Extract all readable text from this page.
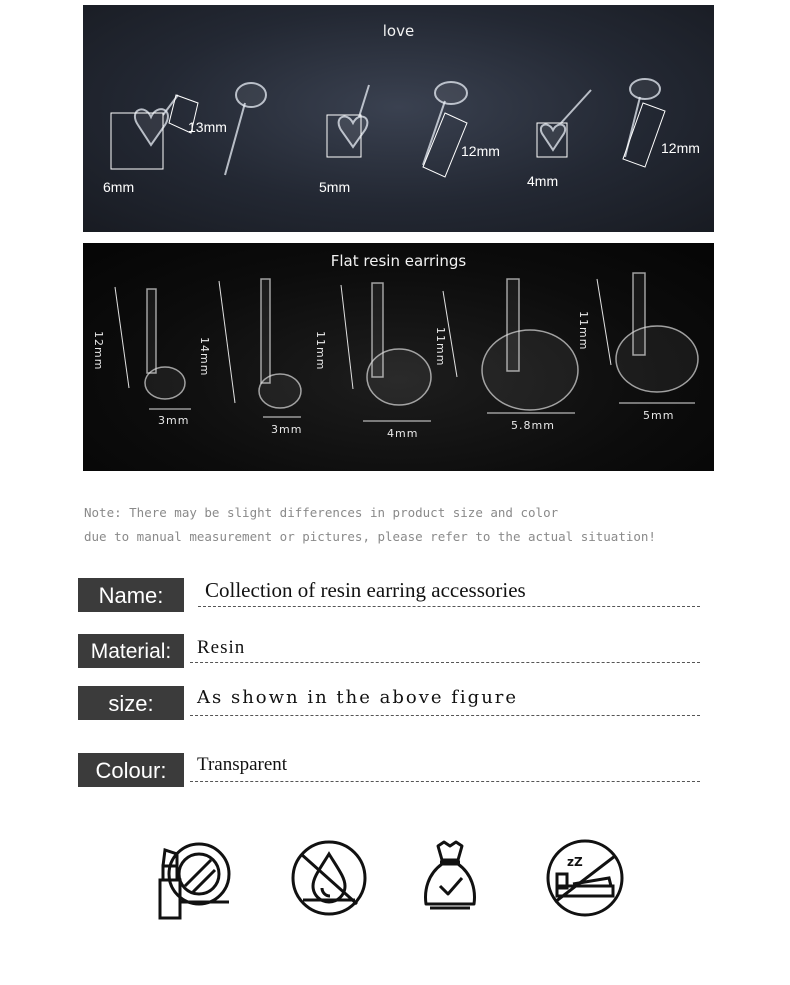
love
13mm
6mm	5mm
12mm
4mm
12mm
Flat resin earrings
12mm	14mm	11mm	11mm	11mm
3mm
3mm	4mm
5.8mm
5mm
Note: There may be slight differences in product size and color
due to manual measurement or pictures, please refer to the actual situation!
Name:	Collection of resin earring accessories
Material:	Resin
size:	As shown in the above figure
Colour:	Transparent
zZ
